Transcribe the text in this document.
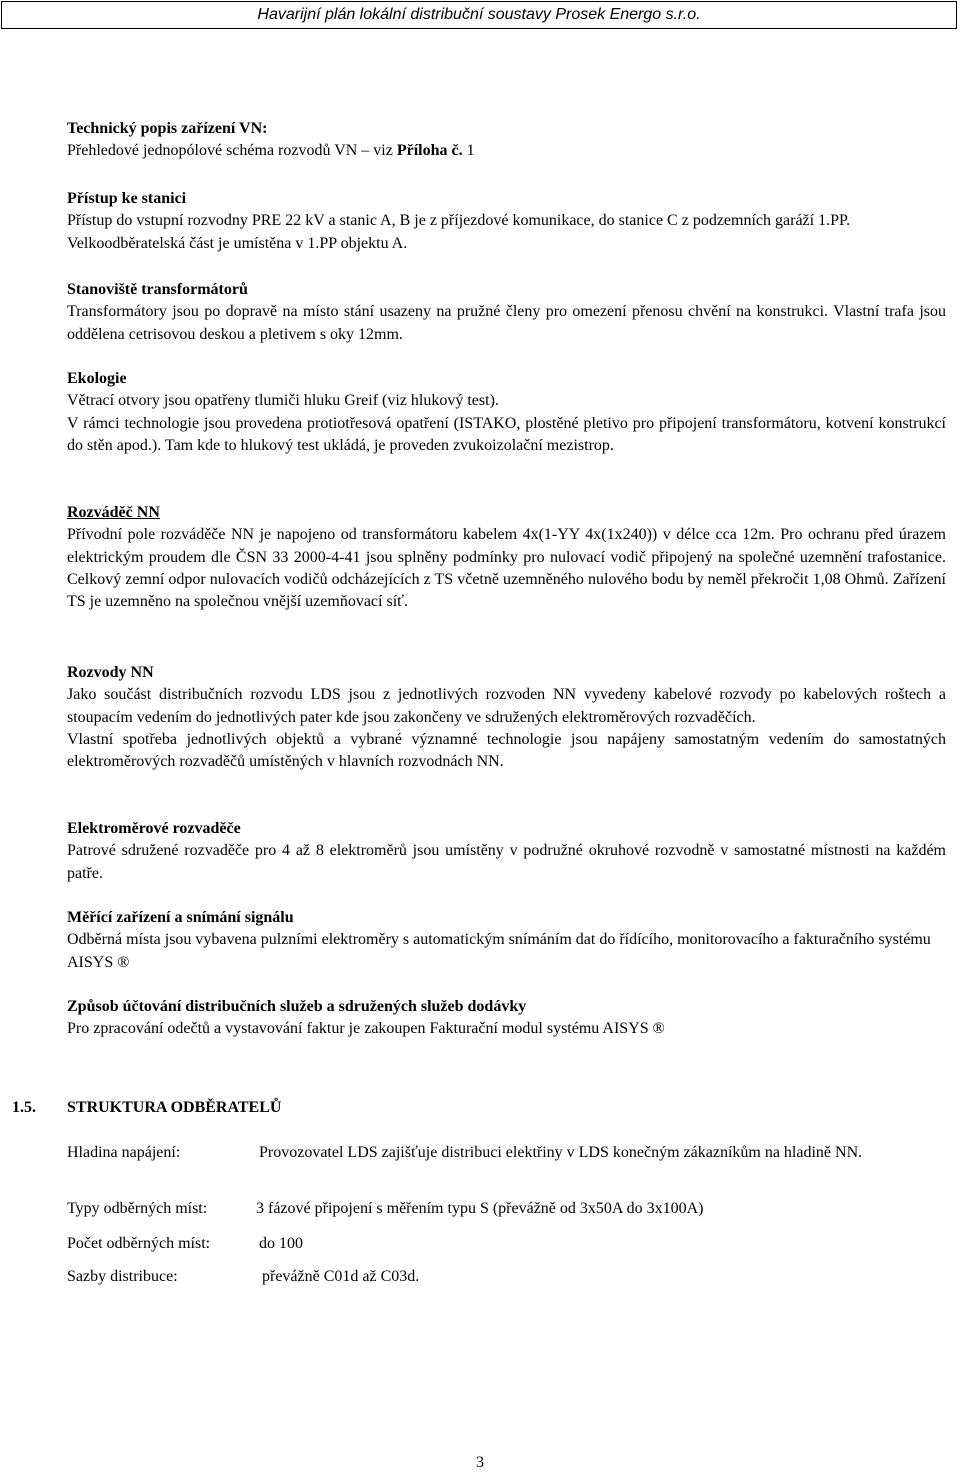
Havarijní plán lokální distribuční soustavy Prosek Energo s.r.o.
Technický popis zařízení VN:
Přehledové jednopólové schéma rozvodů VN – viz Příloha č. 1
Přístup ke stanici
Přístup do vstupní rozvodny PRE 22 kV a stanic A, B je z příjezdové komunikace, do stanice C z podzemních garáží 1.PP. Velkoodběratelská část je umístěna v 1.PP objektu A.
Stanoviště transformátorů
Transformátory jsou po dopravě na místo stání usazeny na pružné členy pro omezení přenosu chvění na konstrukci. Vlastní trafa jsou oddělena cetrisovou deskou a pletivem s oky 12mm.
Ekologie
Větrací otvory jsou opatřeny tlumiči hluku Greif (viz hlukový test).
V rámci technologie jsou provedena protiotřesová opatření (ISTAKO, plostěné pletivo pro připojení transformátoru, kotvení konstrukcí do stěn apod.). Tam kde to hlukový test ukládá, je proveden zvukoizolační mezistrop.
Rozváděč NN
Přívodní pole rozváděče NN je napojeno od transformátoru kabelem 4x(1-YY 4x(1x240)) v délce cca 12m. Pro ochranu před úrazem elektrickým proudem dle ČSN 33 2000-4-41 jsou splněny podmínky pro nulovací vodič připojený na společné uzemnění trafostanice. Celkový zemní odpor nulovacích vodičů odcházejících z TS včetně uzemněného nulového bodu by neměl překročit 1,08 Ohmů. Zařízení TS je uzemněno na společnou vnější uzemňovací síť.
Rozvody NN
Jako součást distribučních rozvodu LDS jsou z jednotlivých rozvoden NN vyvedeny kabelové rozvody po kabelových roštech a stoupacím vedením do jednotlivých pater kde jsou zakončeny ve sdružených elektroměrových rozvaděčích.
Vlastní spotřeba jednotlivých objektů a vybrané významné technologie jsou napájeny samostatným vedením do samostatných elektroměrových rozvaděčů umístěných v hlavních rozvodnách NN.
Elektroměrové rozvaděče
Patrové sdružené rozvaděče pro 4 až 8 elektroměrů jsou umístěny v podružné okruhové rozvodně v samostatné místnosti na každém patře.
Měřící zařízení a snímání signálu
Odběrná místa jsou vybavena pulzními elektroměry s automatickým snímáním dat do řídícího, monitorovacího a fakturačního systému AISYS ®
Způsob účtování distribučních služeb a sdružených služeb dodávky
Pro zpracování odečtů a vystavování faktur je zakoupen Fakturační modul systému AISYS ®
1.5. STRUKTURA ODBĚRATELŮ
Hladina napájení:	Provozovatel LDS zajišťuje distribuci elektřiny v LDS konečným zákazníkům na hladině NN.
Typy odběrných míst:	3 fázové připojení s měřením typu S (převážně od 3x50A do 3x100A)
Počet odběrných míst:	do 100
Sazby distribuce:	převážně C01d až C03d.
3
